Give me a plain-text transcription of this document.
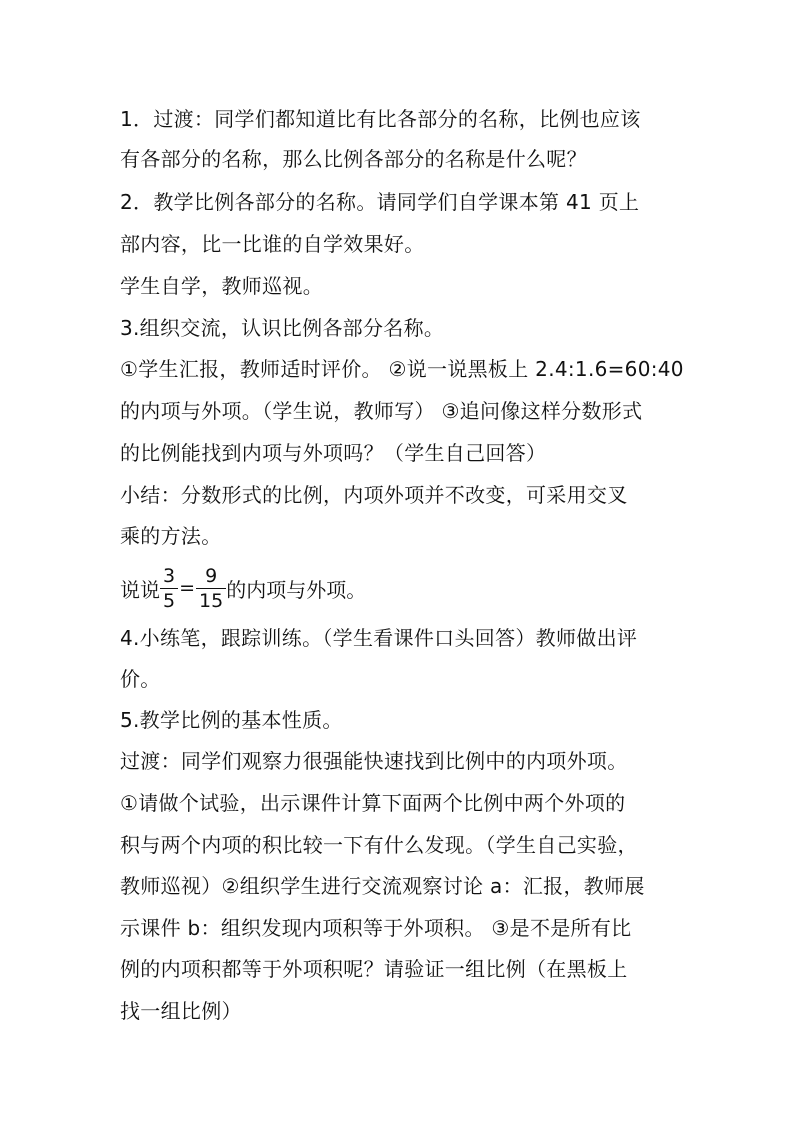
1．过渡：同学们都知道比有比各部分的名称，比例也应该
有各部分的名称，那么比例各部分的名称是什么呢？
2．教学比例各部分的名称。请同学们自学课本第 41 页上
部内容，比一比谁的自学效果好。
学生自学，教师巡视。
3.组织交流，认识比例各部分名称。
①学生汇报，教师适时评价。 ②说一说黑板上 2.4:1.6=60:40
的内项与外项。（学生说，教师写） ③追问像这样分数形式
的比例能找到内项与外项吗？（学生自己回答）
小结：分数形式的比例，内项外项并不改变，可采用交叉
乘的方法。
说说 $\frac{3}{5} = \frac{9}{15}$ 的内项与外项。
4.小练笔，跟踪训练。（学生看课件口头回答）教师做出评
价。
5.教学比例的基本性质。
过渡：同学们观察力很强能快速找到比例中的内项外项。
①请做个试验，出示课件计算下面两个比例中两个外项的
积与两个内项的积比较一下有什么发现。（学生自己实验，
教师巡视）②组织学生进行交流观察讨论 a：汇报，教师展
示课件 b：组织发现内项积等于外项积。 ③是不是所有比
例的内项积都等于外项积呢？请验证一组比例（在黑板上
找一组比例）
